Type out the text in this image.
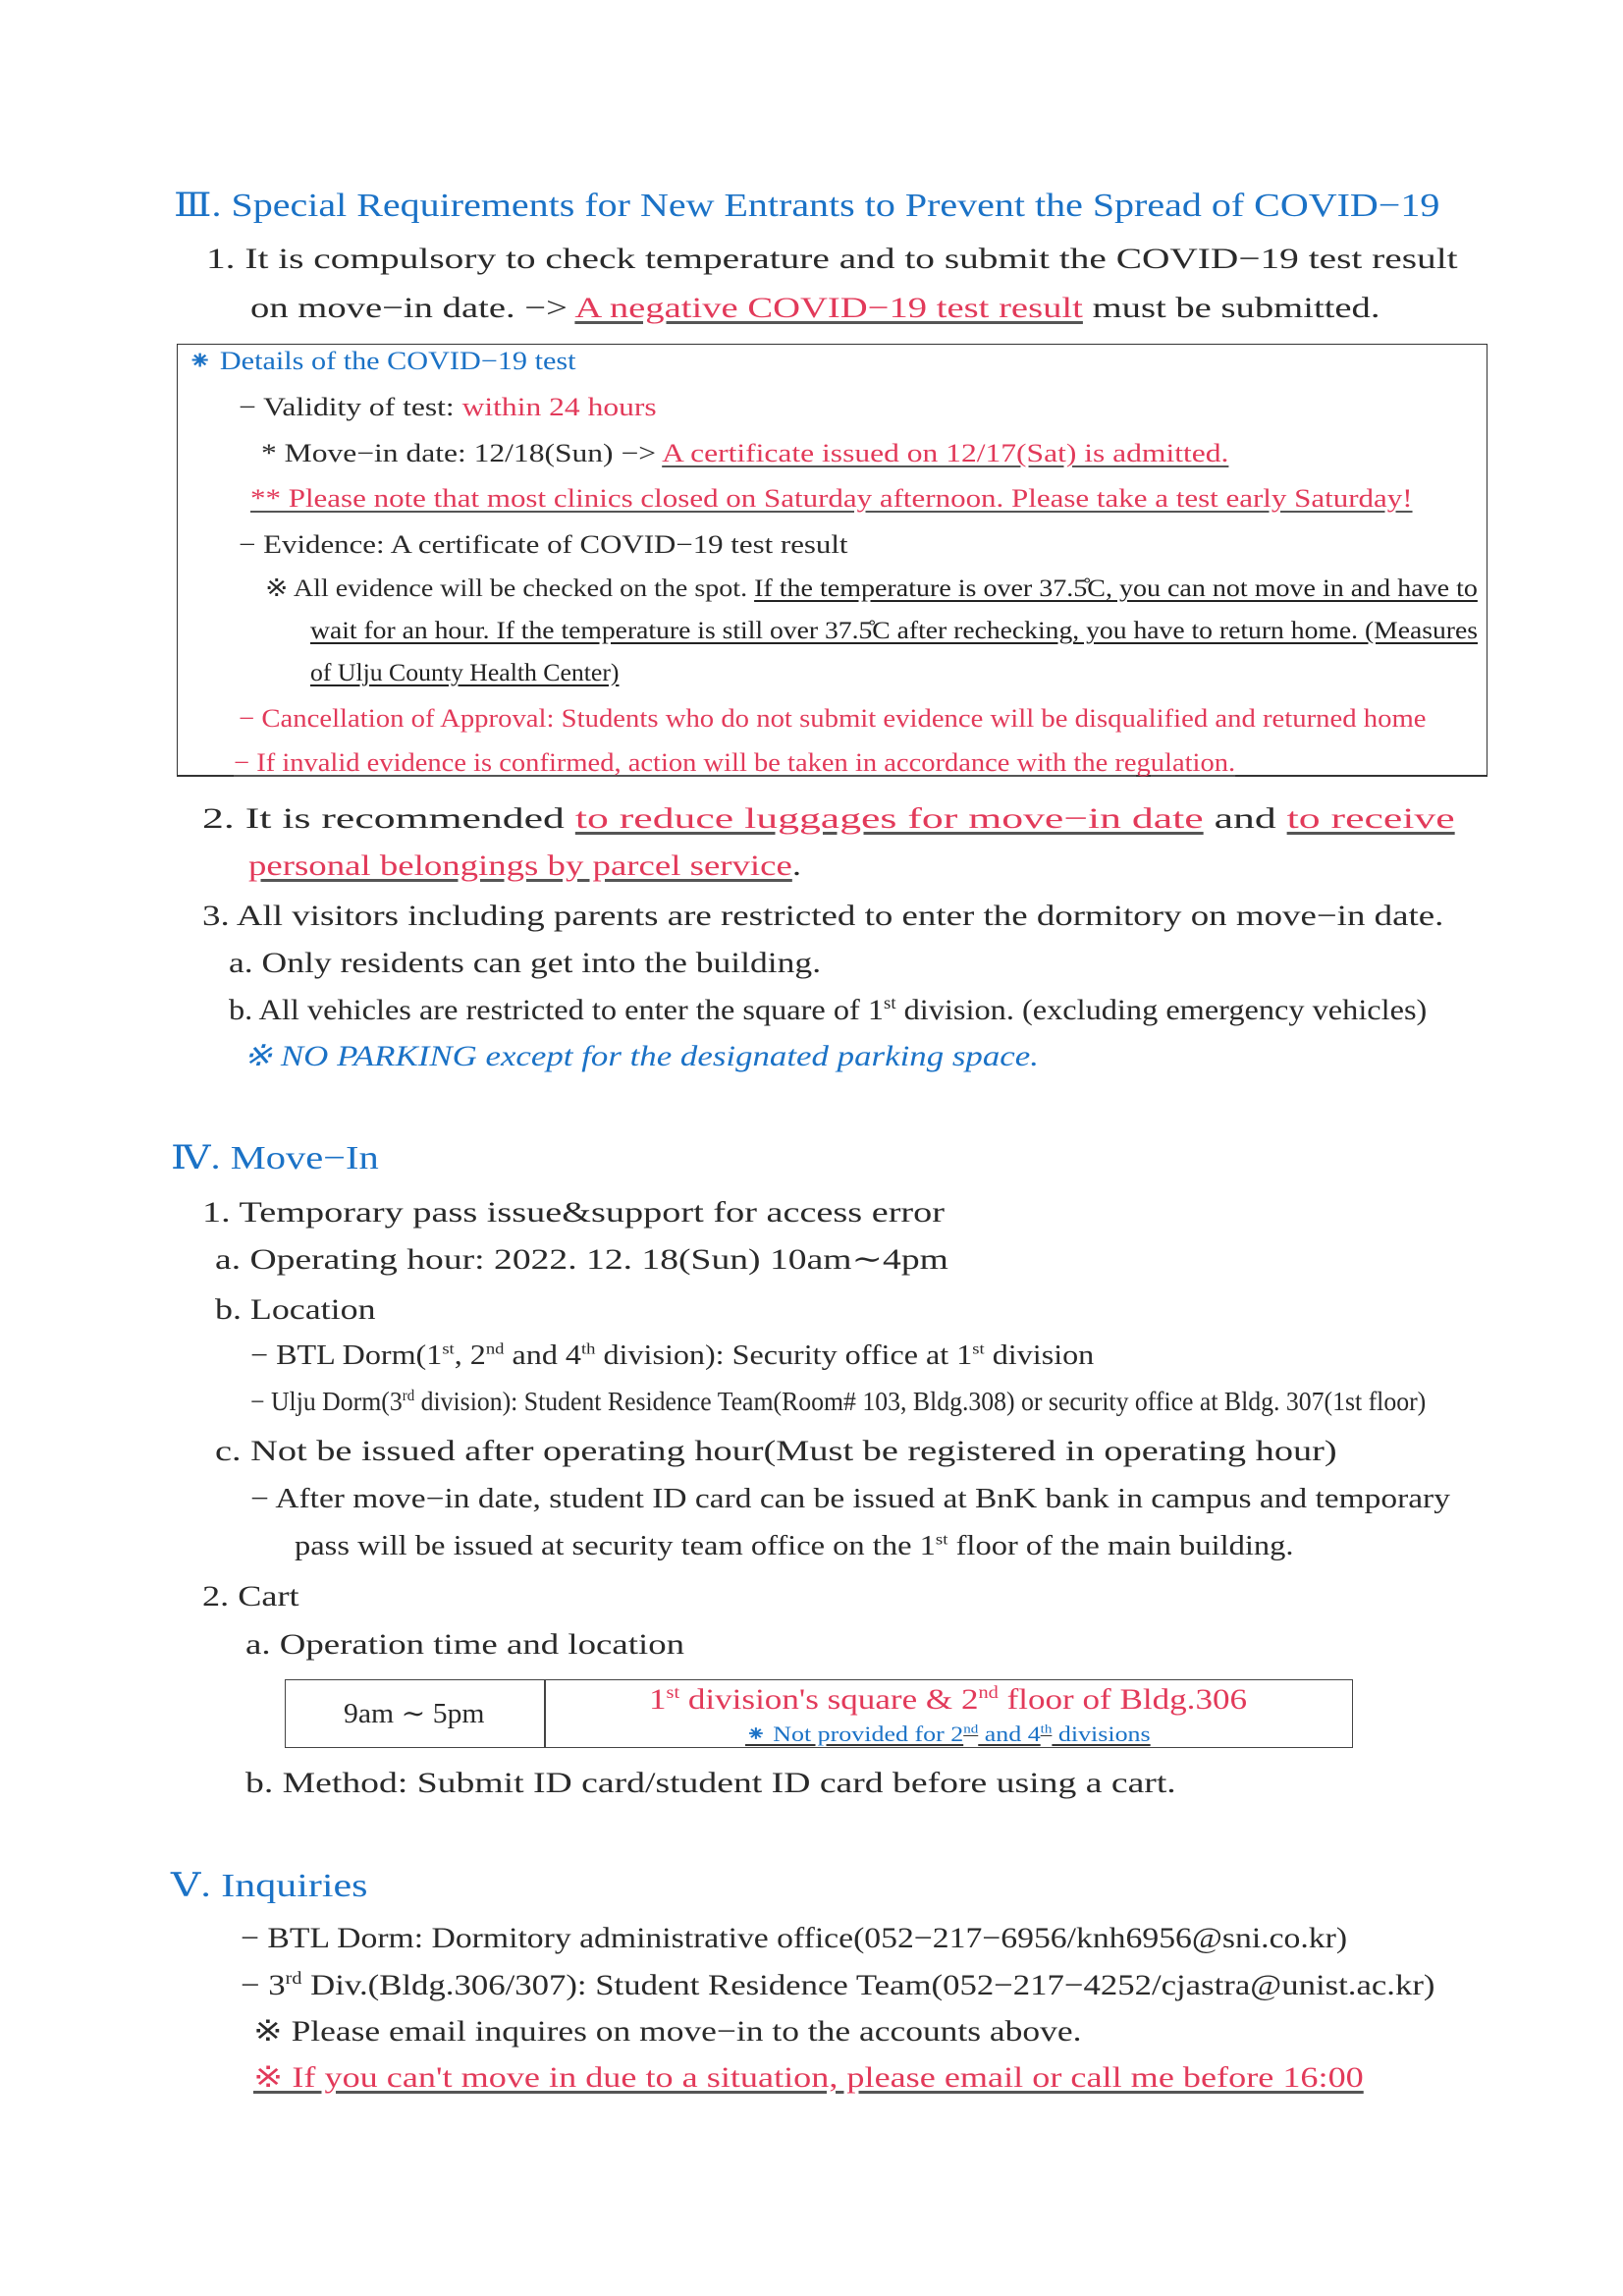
Ⅲ. Special Requirements for New Entrants to Prevent the Spread of COVID−19
1. It is compulsory to check temperature and to submit the COVID−19 test result
on move−in date. −> A negative COVID−19 test result must be submitted.
⁕ Details of the COVID−19 test
− Validity of test: within 24 hours
* Move−in date: 12/18(Sun) −> A certificate issued on 12/17(Sat) is admitted.
** Please note that most clinics closed on Saturday afternoon. Please take a test early Saturday!
− Evidence: A certificate of COVID−19 test result
※ All evidence will be checked on the spot. If the temperature is over 37.5̊C, you can not move in and have to
wait for an hour. If the temperature is still over 37.5̊C after rechecking, you have to return home. (Measures
of Ulju County Health Center)
− Cancellation of Approval: Students who do not submit evidence will be disqualified and returned home
− If invalid evidence is confirmed, action will be taken in accordance with the regulation.
2. It is recommended to reduce luggages for move−in date and to receive
personal belongings by parcel service.
3. All visitors including parents are restricted to enter the dormitory on move−in date.
a. Only residents can get into the building.
b. All vehicles are restricted to enter the square of 1st division. (excluding emergency vehicles)
※ NO PARKING except for the designated parking space.
Ⅳ. Move−In
1. Temporary pass issue&support for access error
a. Operating hour: 2022. 12. 18(Sun) 10am∼4pm
b. Location
− BTL Dorm(1st, 2nd and 4th division): Security office at 1st division
− Ulju Dorm(3rd division): Student Residence Team(Room# 103, Bldg.308) or security office at Bldg. 307(1st floor)
c. Not be issued after operating hour(Must be registered in operating hour)
− After move−in date, student ID card can be issued at BnK bank in campus and temporary
pass will be issued at security team office on the 1st floor of the main building.
2. Cart
a. Operation time and location
9am ∼ 5pm	1st division's square & 2nd floor of Bldg.306
⁕ Not provided for 2nd and 4th divisions
b. Method: Submit ID card/student ID card before using a cart.
Ⅴ. Inquiries
− BTL Dorm: Dormitory administrative office(052−217−6956/knh6956@sni.co.kr)
− 3rd Div.(Bldg.306/307): Student Residence Team(052−217−4252/cjastra@unist.ac.kr)
※ Please email inquires on move−in to the accounts above.
※ If you can't move in due to a situation, please email or call me before 16:00
